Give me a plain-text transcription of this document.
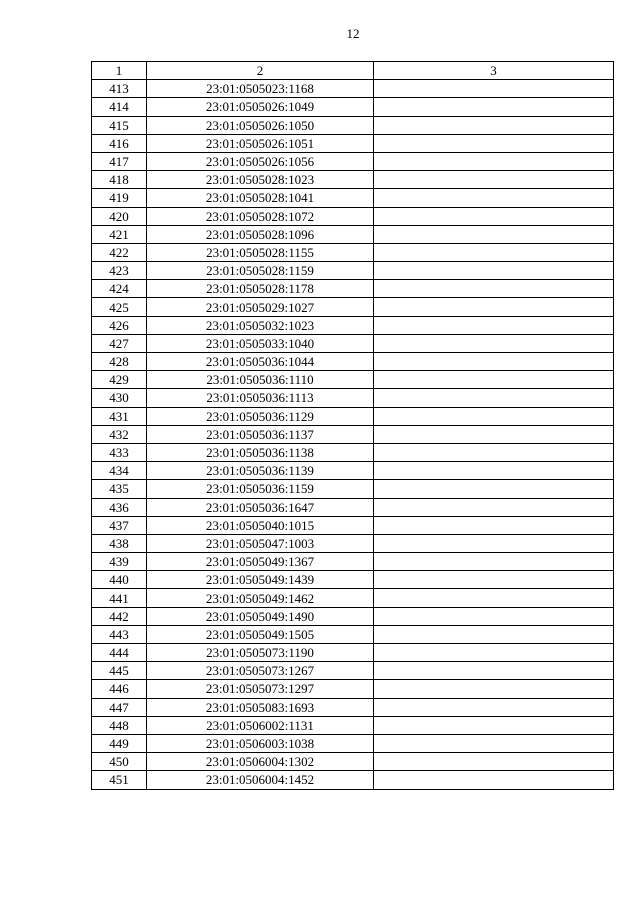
12
1	2	3
413	23:01:0505023:1168	
414	23:01:0505026:1049	
415	23:01:0505026:1050	
416	23:01:0505026:1051	
417	23:01:0505026:1056	
418	23:01:0505028:1023	
419	23:01:0505028:1041	
420	23:01:0505028:1072	
421	23:01:0505028:1096	
422	23:01:0505028:1155	
423	23:01:0505028:1159	
424	23:01:0505028:1178	
425	23:01:0505029:1027	
426	23:01:0505032:1023	
427	23:01:0505033:1040	
428	23:01:0505036:1044	
429	23:01:0505036:1110	
430	23:01:0505036:1113	
431	23:01:0505036:1129	
432	23:01:0505036:1137	
433	23:01:0505036:1138	
434	23:01:0505036:1139	
435	23:01:0505036:1159	
436	23:01:0505036:1647	
437	23:01:0505040:1015	
438	23:01:0505047:1003	
439	23:01:0505049:1367	
440	23:01:0505049:1439	
441	23:01:0505049:1462	
442	23:01:0505049:1490	
443	23:01:0505049:1505	
444	23:01:0505073:1190	
445	23:01:0505073:1267	
446	23:01:0505073:1297	
447	23:01:0505083:1693	
448	23:01:0506002:1131	
449	23:01:0506003:1038	
450	23:01:0506004:1302	
451	23:01:0506004:1452	
